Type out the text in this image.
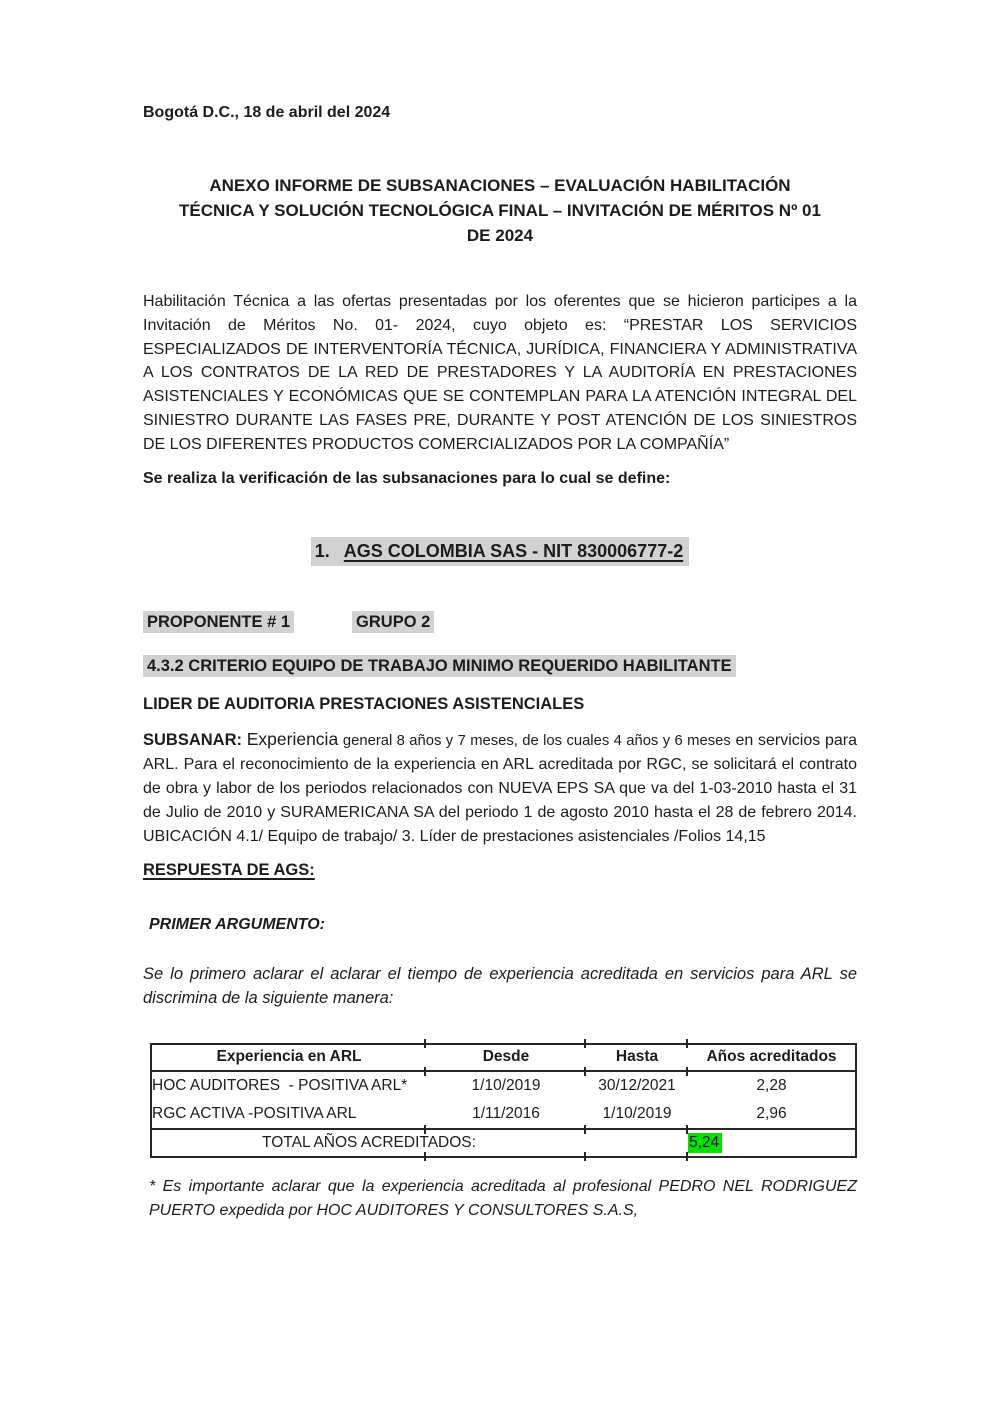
Bogotá D.C., 18 de abril del 2024
ANEXO INFORME DE SUBSANACIONES – EVALUACIÓN HABILITACIÓN
TÉCNICA Y SOLUCIÓN TECNOLÓGICA FINAL – INVITACIÓN DE MÉRITOS Nº 01
DE 2024
Habilitación Técnica a las ofertas presentadas por los oferentes que se hicieron participes a la Invitación de Méritos No. 01- 2024, cuyo objeto es: “PRESTAR LOS SERVICIOS ESPECIALIZADOS DE INTERVENTORÍA TÉCNICA, JURÍDICA, FINANCIERA Y ADMINISTRATIVA A LOS CONTRATOS DE LA RED DE PRESTADORES Y LA AUDITORÍA EN PRESTACIONES ASISTENCIALES Y ECONÓMICAS QUE SE CONTEMPLAN PARA LA ATENCIÓN INTEGRAL DEL SINIESTRO DURANTE LAS FASES PRE, DURANTE Y POST ATENCIÓN DE LOS SINIESTROS DE LOS DIFERENTES PRODUCTOS COMERCIALIZADOS POR LA COMPAÑÍA”
Se realiza la verificación de las subsanaciones para lo cual se define:
1. AGS COLOMBIA SAS - NIT 830006777-2
PROPONENTE # 1	GRUPO 2
4.3.2 CRITERIO EQUIPO DE TRABAJO MINIMO REQUERIDO HABILITANTE
LIDER DE AUDITORIA PRESTACIONES ASISTENCIALES
SUBSANAR: Experiencia general 8 años y 7 meses, de los cuales 4 años y 6 meses en servicios para ARL. Para el reconocimiento de la experiencia en ARL acreditada por RGC, se solicitará el contrato de obra y labor de los periodos relacionados con NUEVA EPS SA que va del 1-03-2010 hasta el 31 de Julio de 2010 y SURAMERICANA SA del periodo 1 de agosto 2010 hasta el 28 de febrero 2014. UBICACIÓN 4.1/ Equipo de trabajo/ 3. Líder de prestaciones asistenciales /Folios 14,15
RESPUESTA DE AGS:
PRIMER ARGUMENTO:
Se lo primero aclarar el aclarar el tiempo de experiencia acreditada en servicios para ARL se discrimina de la siguiente manera:
Experiencia en ARL	Desde	Hasta	Años acreditados
HOC AUDITORES  - POSITIVA ARL*	1/10/2019	30/12/2021	2,28
RGC ACTIVA -POSITIVA ARL	1/11/2016	1/10/2019	2,96
TOTAL AÑOS ACREDITADOS:			5,24
* Es importante aclarar que la experiencia acreditada al profesional PEDRO NEL RODRIGUEZ PUERTO expedida por HOC AUDITORES Y CONSULTORES S.A.S,
